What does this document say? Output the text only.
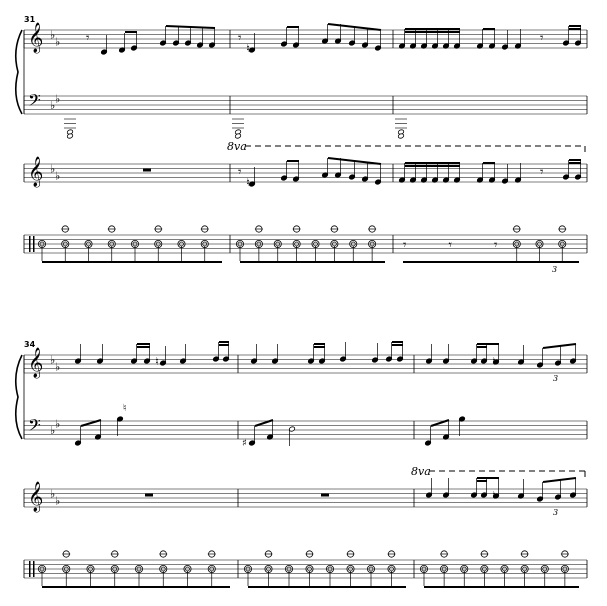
31
𝄞 ♭
♭
𝄢 ♭
♭
𝄞 ♭
♭
8va
𝄾	𝄾	𝄾
𝄾
♮
𝄾	𝄾
♮
𝄾	𝄾
3
34
𝄞 ♭
♭
𝄢 ♭
♭
𝄞 ♭
♭
8va
♮	♮
3
♮
♯
♮
3
